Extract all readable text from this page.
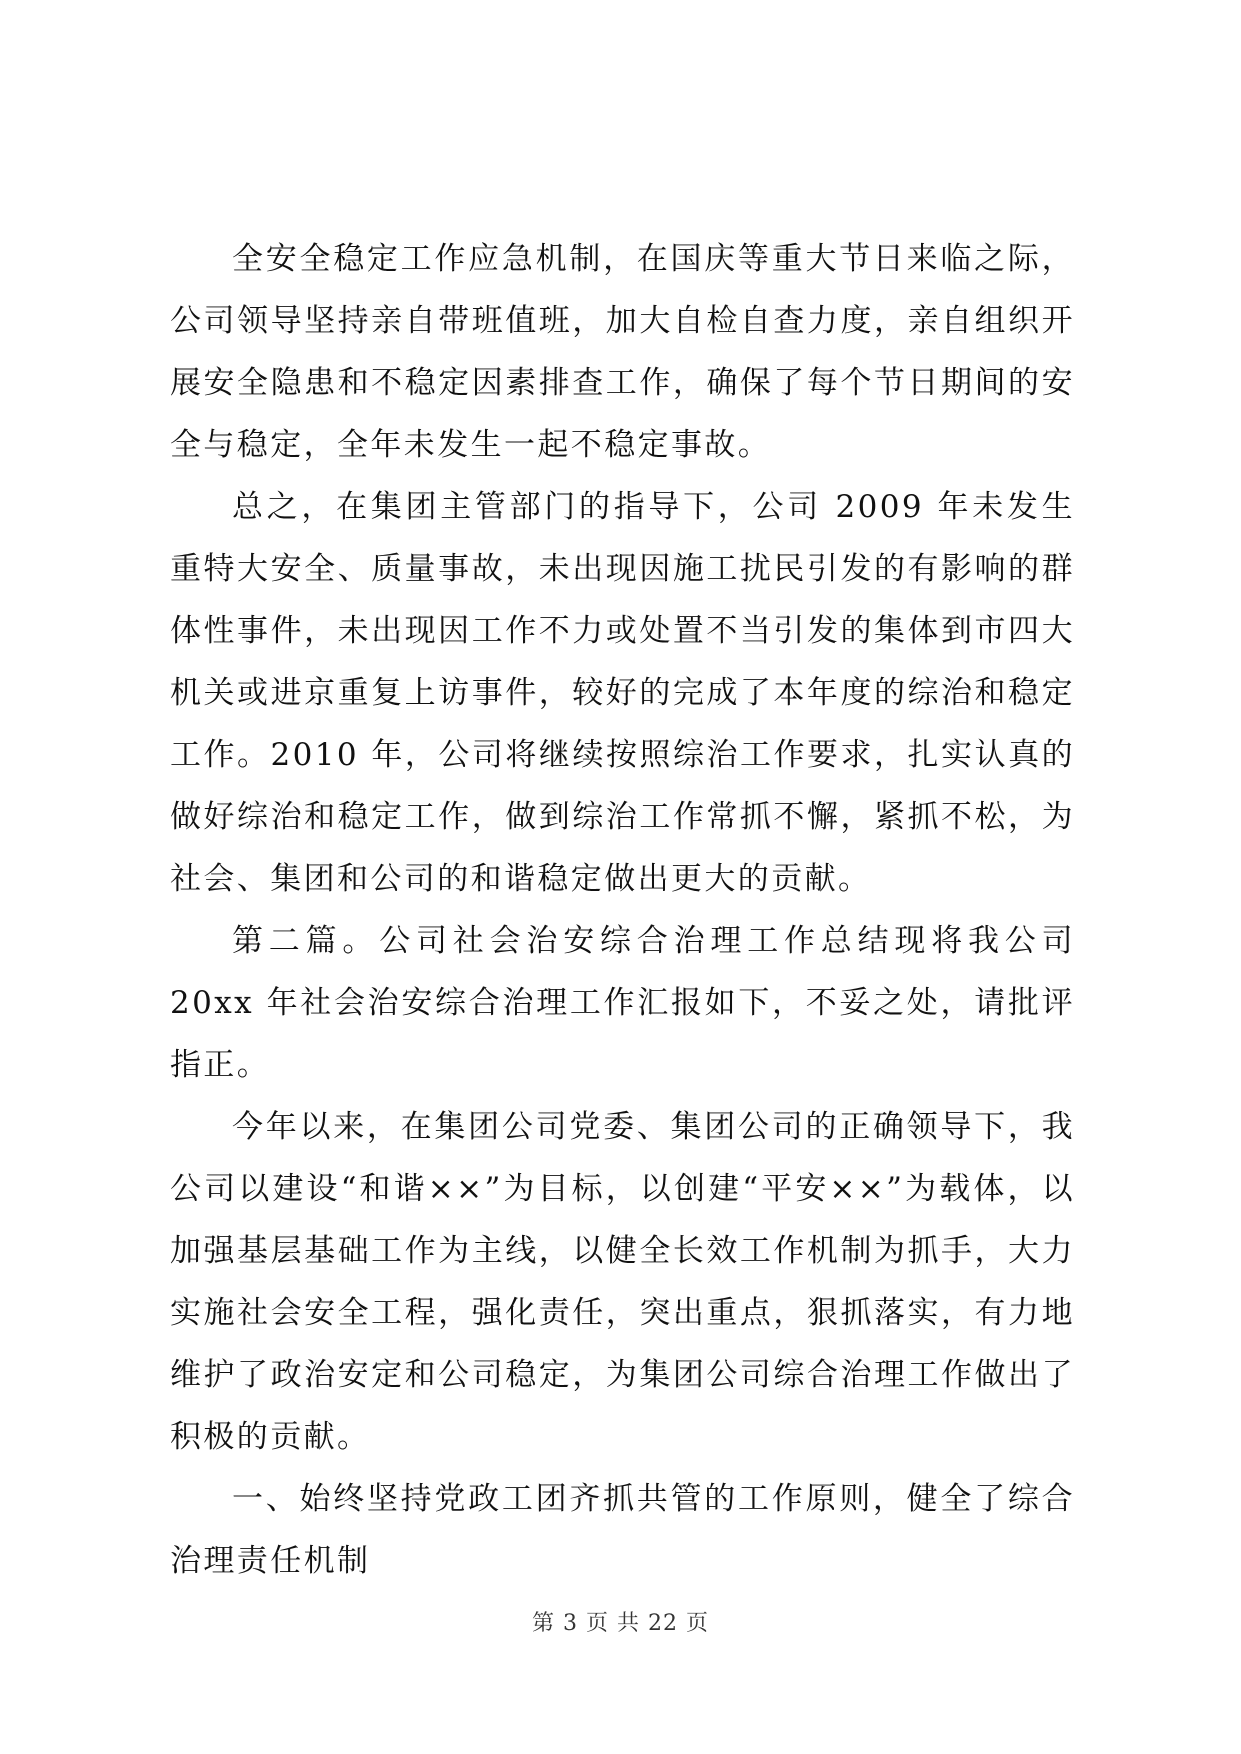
全安全稳定工作应急机制，在国庆等重大节日来临之际，公司领导坚持亲自带班值班，加大自检自查力度，亲自组织开展安全隐患和不稳定因素排查工作，确保了每个节日期间的安全与稳定，全年未发生一起不稳定事故。

总之，在集团主管部门的指导下，公司 2009 年未发生重特大安全、质量事故，未出现因施工扰民引发的有影响的群体性事件，未出现因工作不力或处置不当引发的集体到市四大机关或进京重复上访事件，较好的完成了本年度的综治和稳定工作。2010 年，公司将继续按照综治工作要求，扎实认真的做好综治和稳定工作，做到综治工作常抓不懈，紧抓不松，为社会、集团和公司的和谐稳定做出更大的贡献。

第二篇。公司社会治安综合治理工作总结现将我公司 20xx 年社会治安综合治理工作汇报如下，不妥之处，请批评指正。

今年以来，在集团公司党委、集团公司的正确领导下，我公司以建设“和谐××”为目标，以创建“平安××”为载体，以加强基层基础工作为主线，以健全长效工作机制为抓手，大力实施社会安全工程，强化责任，突出重点，狠抓落实，有力地维护了政治安定和公司稳定，为集团公司综合治理工作做出了积极的贡献。

一、始终坚持党政工团齐抓共管的工作原则，健全了综合治理责任机制

第 3 页 共 22 页
